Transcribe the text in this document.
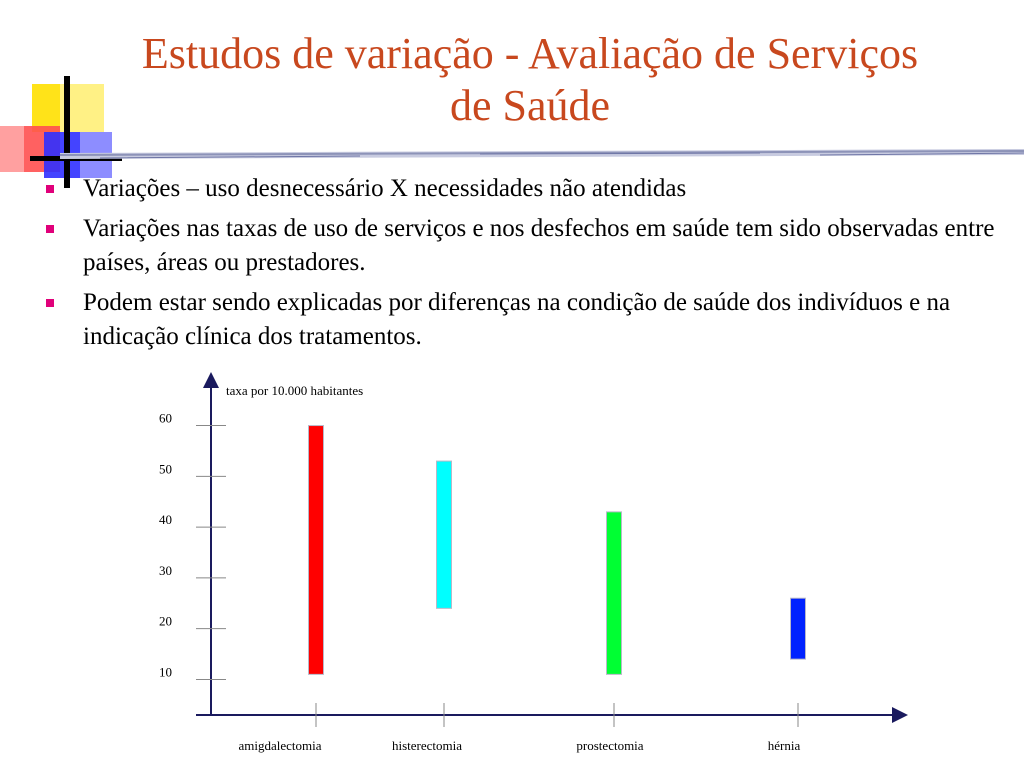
Estudos de variação - Avaliação de Serviços
de Saúde
Variações – uso desnecessário X necessidades não atendidas
Variações nas taxas de uso de serviços e nos desfechos em saúde tem sido observadas entre países, áreas ou prestadores.
Podem estar sendo explicadas por diferenças na condição de saúde dos indivíduos e na indicação clínica dos tratamentos.
taxa por 10.000 habitantes
10
20
30
40
50
60
amigdalectomia	histerectomia	prostectomia	hérnia
